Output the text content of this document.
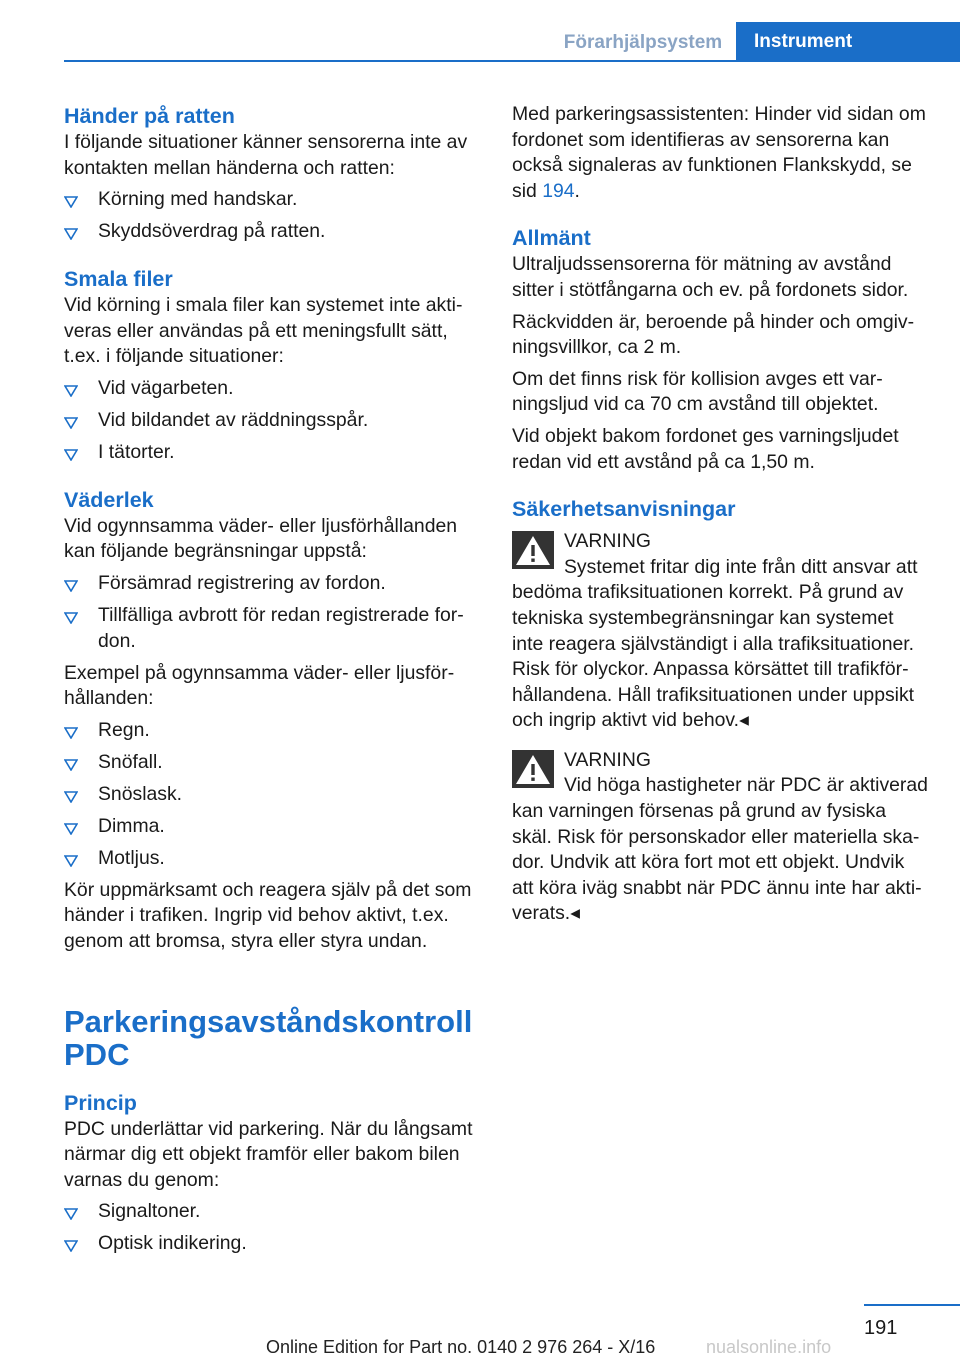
Förarhjälpsystem	Instrument
Händer på ratten

I följande situationer känner sensorerna inte av kontakten mellan händerna och ratten:

Körning med handskar.
Skyddsöverdrag på ratten.
Smala filer

Vid körning i smala filer kan systemet inte aktiveras eller användas på ett meningsfullt sätt, t.ex. i följande situationer:

Vid vägarbeten.
Vid bildandet av räddningsspår.
I tätorter.
Väderlek

Vid ogynnsamma väder- eller ljusförhållanden kan följande begränsningar uppstå:

Försämrad registrering av fordon.
Tillfälliga avbrott för redan registrerade fordon.

Exempel på ogynnsamma väder- eller ljusförhållanden:

Regn.
Snöfall.
Snöslask.
Dimma.
Motljus.

Kör uppmärksamt och reagera själv på det som händer i trafiken. Ingrip vid behov aktivt, t.ex. genom att bromsa, styra eller styra undan.

Parkeringsavståndskontroll
PDC
Princip

PDC underlättar vid parkering. När du långsamt närmar dig ett objekt framför eller bakom bilen varnas du genom:

Signaltoner.
Optisk indikering.

Med parkeringsassistenten: Hinder vid sidan om fordonet som identifieras av sensorerna kan också signaleras av funktionen Flankskydd, se sid 194.

Allmänt

Ultraljudssensorerna för mätning av avstånd sitter i stötfångarna och ev. på fordonets sidor.

Räckvidden är, beroende på hinder och omgivningsvillkor, ca 2 m.

Om det finns risk för kollision avges ett varningsljud vid ca 70 cm avstånd till objektet.

Vid objekt bakom fordonet ges varningsljudet redan vid ett avstånd på ca 1,50 m.

Säkerhetsanvisningar
VARNING
Systemet fritar dig inte från ditt ansvar att bedöma trafiksituationen korrekt. På grund av tekniska systembegränsningar kan systemet inte reagera självständigt i alla trafiksituationer. Risk för olyckor. Anpassa körsättet till trafikförhållandena. Håll trafiksituationen under uppsikt och ingrip aktivt vid behov.◂
VARNING
Vid höga hastigheter när PDC är aktiverad kan varningen försenas på grund av fysiska skäl. Risk för personskador eller materiella skador. Undvik att köra fort mot ett objekt. Undvik att köra iväg snabbt när PDC ännu inte har aktiverats.◂
191
Online Edition for Part no. 0140 2 976 264 - X/16	nualsonline.info
